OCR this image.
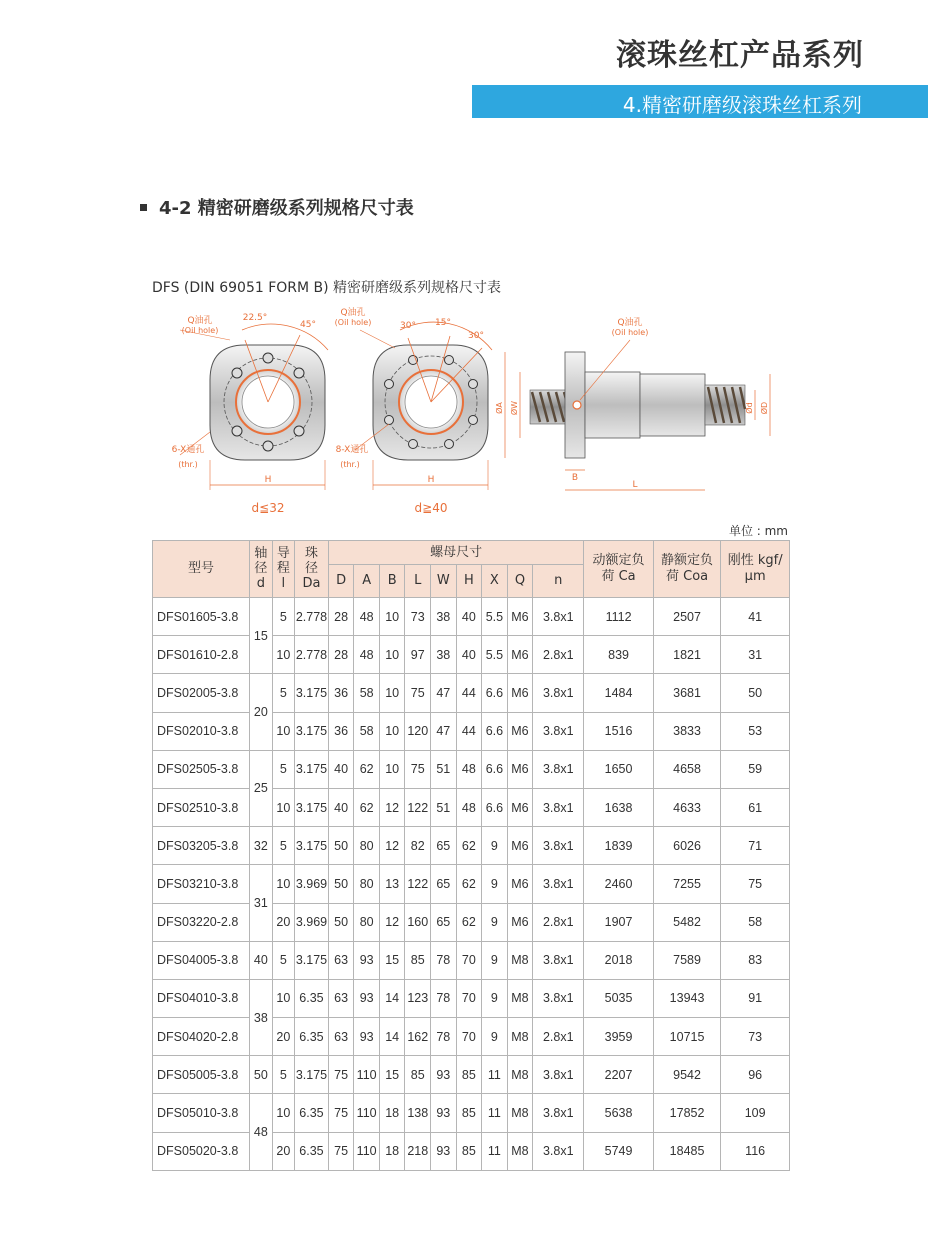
滚珠丝杠产品系列
4.精密研磨级滚珠丝杠系列
4-2 精密研磨级系列规格尺寸表
DFS (DIN 69051 FORM B) 精密研磨级系列规格尺寸表
Q油孔
(Oil hole)
22.5°
45°
6-X通孔
(thr.)
H
d≦32
Q油孔
(Oil hole)	30° 15°
30°
8-X通孔
(thr.)
H
d≧40
Q油孔
(Oil hole)
ØA ØW	Ød ØD
B
L
单位 : mm
型号	轴径d	导程l	珠径Da	螺母尺寸									动额定负荷 Ca	静额定负荷 Coa	刚性 kgf/μm
				D	A	B	L	W	H	X	Q	n			
DFS01605-3.8	15	5	2.778	28	48	10	73	38	40	5.5	M6	3.8x1	1112	2507	41
DFS01610-2.8		10	2.778	28	48	10	97	38	40	5.5	M6	2.8x1	839	1821	31
DFS02005-3.8	20	5	3.175	36	58	10	75	47	44	6.6	M6	3.8x1	1484	3681	50
DFS02010-3.8		10	3.175	36	58	10	120	47	44	6.6	M6	3.8x1	1516	3833	53
DFS02505-3.8	25	5	3.175	40	62	10	75	51	48	6.6	M6	3.8x1	1650	4658	59
DFS02510-3.8		10	3.175	40	62	12	122	51	48	6.6	M6	3.8x1	1638	4633	61
DFS03205-3.8	32	5	3.175	50	80	12	82	65	62	9	M6	3.8x1	1839	6026	71
DFS03210-3.8	31	10	3.969	50	80	13	122	65	62	9	M6	3.8x1	2460	7255	75
DFS03220-2.8		20	3.969	50	80	12	160	65	62	9	M6	2.8x1	1907	5482	58
DFS04005-3.8	40	5	3.175	63	93	15	85	78	70	9	M8	3.8x1	2018	7589	83
DFS04010-3.8	38	10	6.35	63	93	14	123	78	70	9	M8	3.8x1	5035	13943	91
DFS04020-2.8		20	6.35	63	93	14	162	78	70	9	M8	2.8x1	3959	10715	73
DFS05005-3.8	50	5	3.175	75	110	15	85	93	85	11	M8	3.8x1	2207	9542	96
DFS05010-3.8	48	10	6.35	75	110	18	138	93	85	11	M8	3.8x1	5638	17852	109
DFS05020-3.8		20	6.35	75	110	18	218	93	85	11	M8	3.8x1	5749	18485	116
